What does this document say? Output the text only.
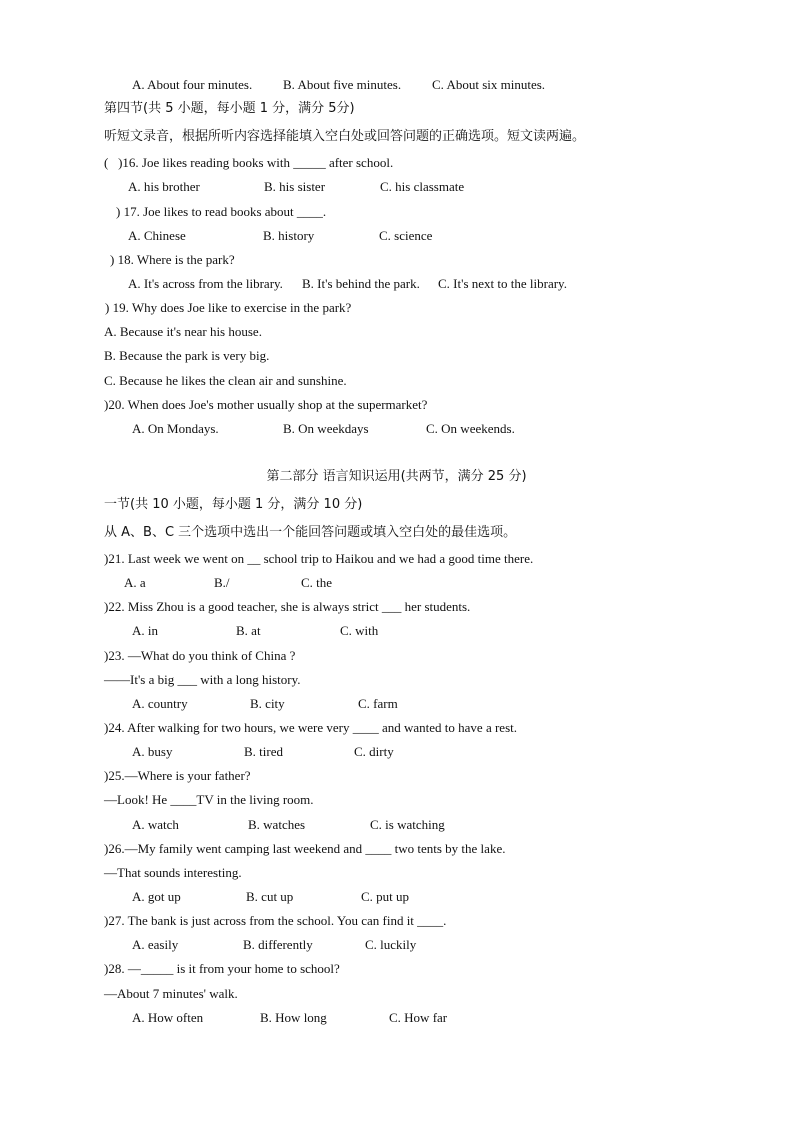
A. About four minutes. B. About five minutes. C. About six minutes.
第四节(共 5 小题，每小题 1 分，满分 5分)
听短文录音，根据所听内容选择能填入空白处或回答问题的正确选项。短文读两遍。
(   )16. Joe likes reading books with _____ after school.
A. his brother	B. his sister	C. his classmate
) 17. Joe likes to read books about ____.
A. Chinese	B. history	C. science
) 18. Where is the park?
A. It's across from the library. B. It's behind the park. C. It's next to the library.
) 19. Why does Joe like to exercise in the park?
A. Because it's near his house.
B. Because the park is very big.
C. Because he likes the clean air and sunshine.
)20. When does Joe's mother usually shop at the supermarket?
A. On Mondays.	B. On weekdays	C. On weekends.
第二部分 语言知识运用(共两节，满分 25 分)
一节(共 10 小题，每小题 1 分，满分 10 分)
从 A、B、C 三个选项中选出一个能回答问题或填入空白处的最佳选项。
)21. Last week we went on __ school trip to Haikou and we had a good time there.
A. a	B./	C. the
)22. Miss Zhou is a good teacher, she is always strict ___ her students.
A. in	B. at	C. with
)23. —What do you think of China ?
——It's a big ___ with a long history.
A. country	B. city	C. farm
)24. After walking for two hours, we were very ____ and wanted to have a rest.
A. busy	B. tired	C. dirty
)25.—Where is your father?
—Look! He ____TV in the living room.
A. watch	B. watches	C. is watching
)26.—My family went camping last weekend and ____ two tents by the lake.
—That sounds interesting.
A. got up	B. cut up	C. put up
)27. The bank is just across from the school. You can find it ____.
A. easily	B. differently	C. luckily
)28. —_____ is it from your home to school?
—About 7 minutes' walk.
A. How often	B. How long	C. How far
